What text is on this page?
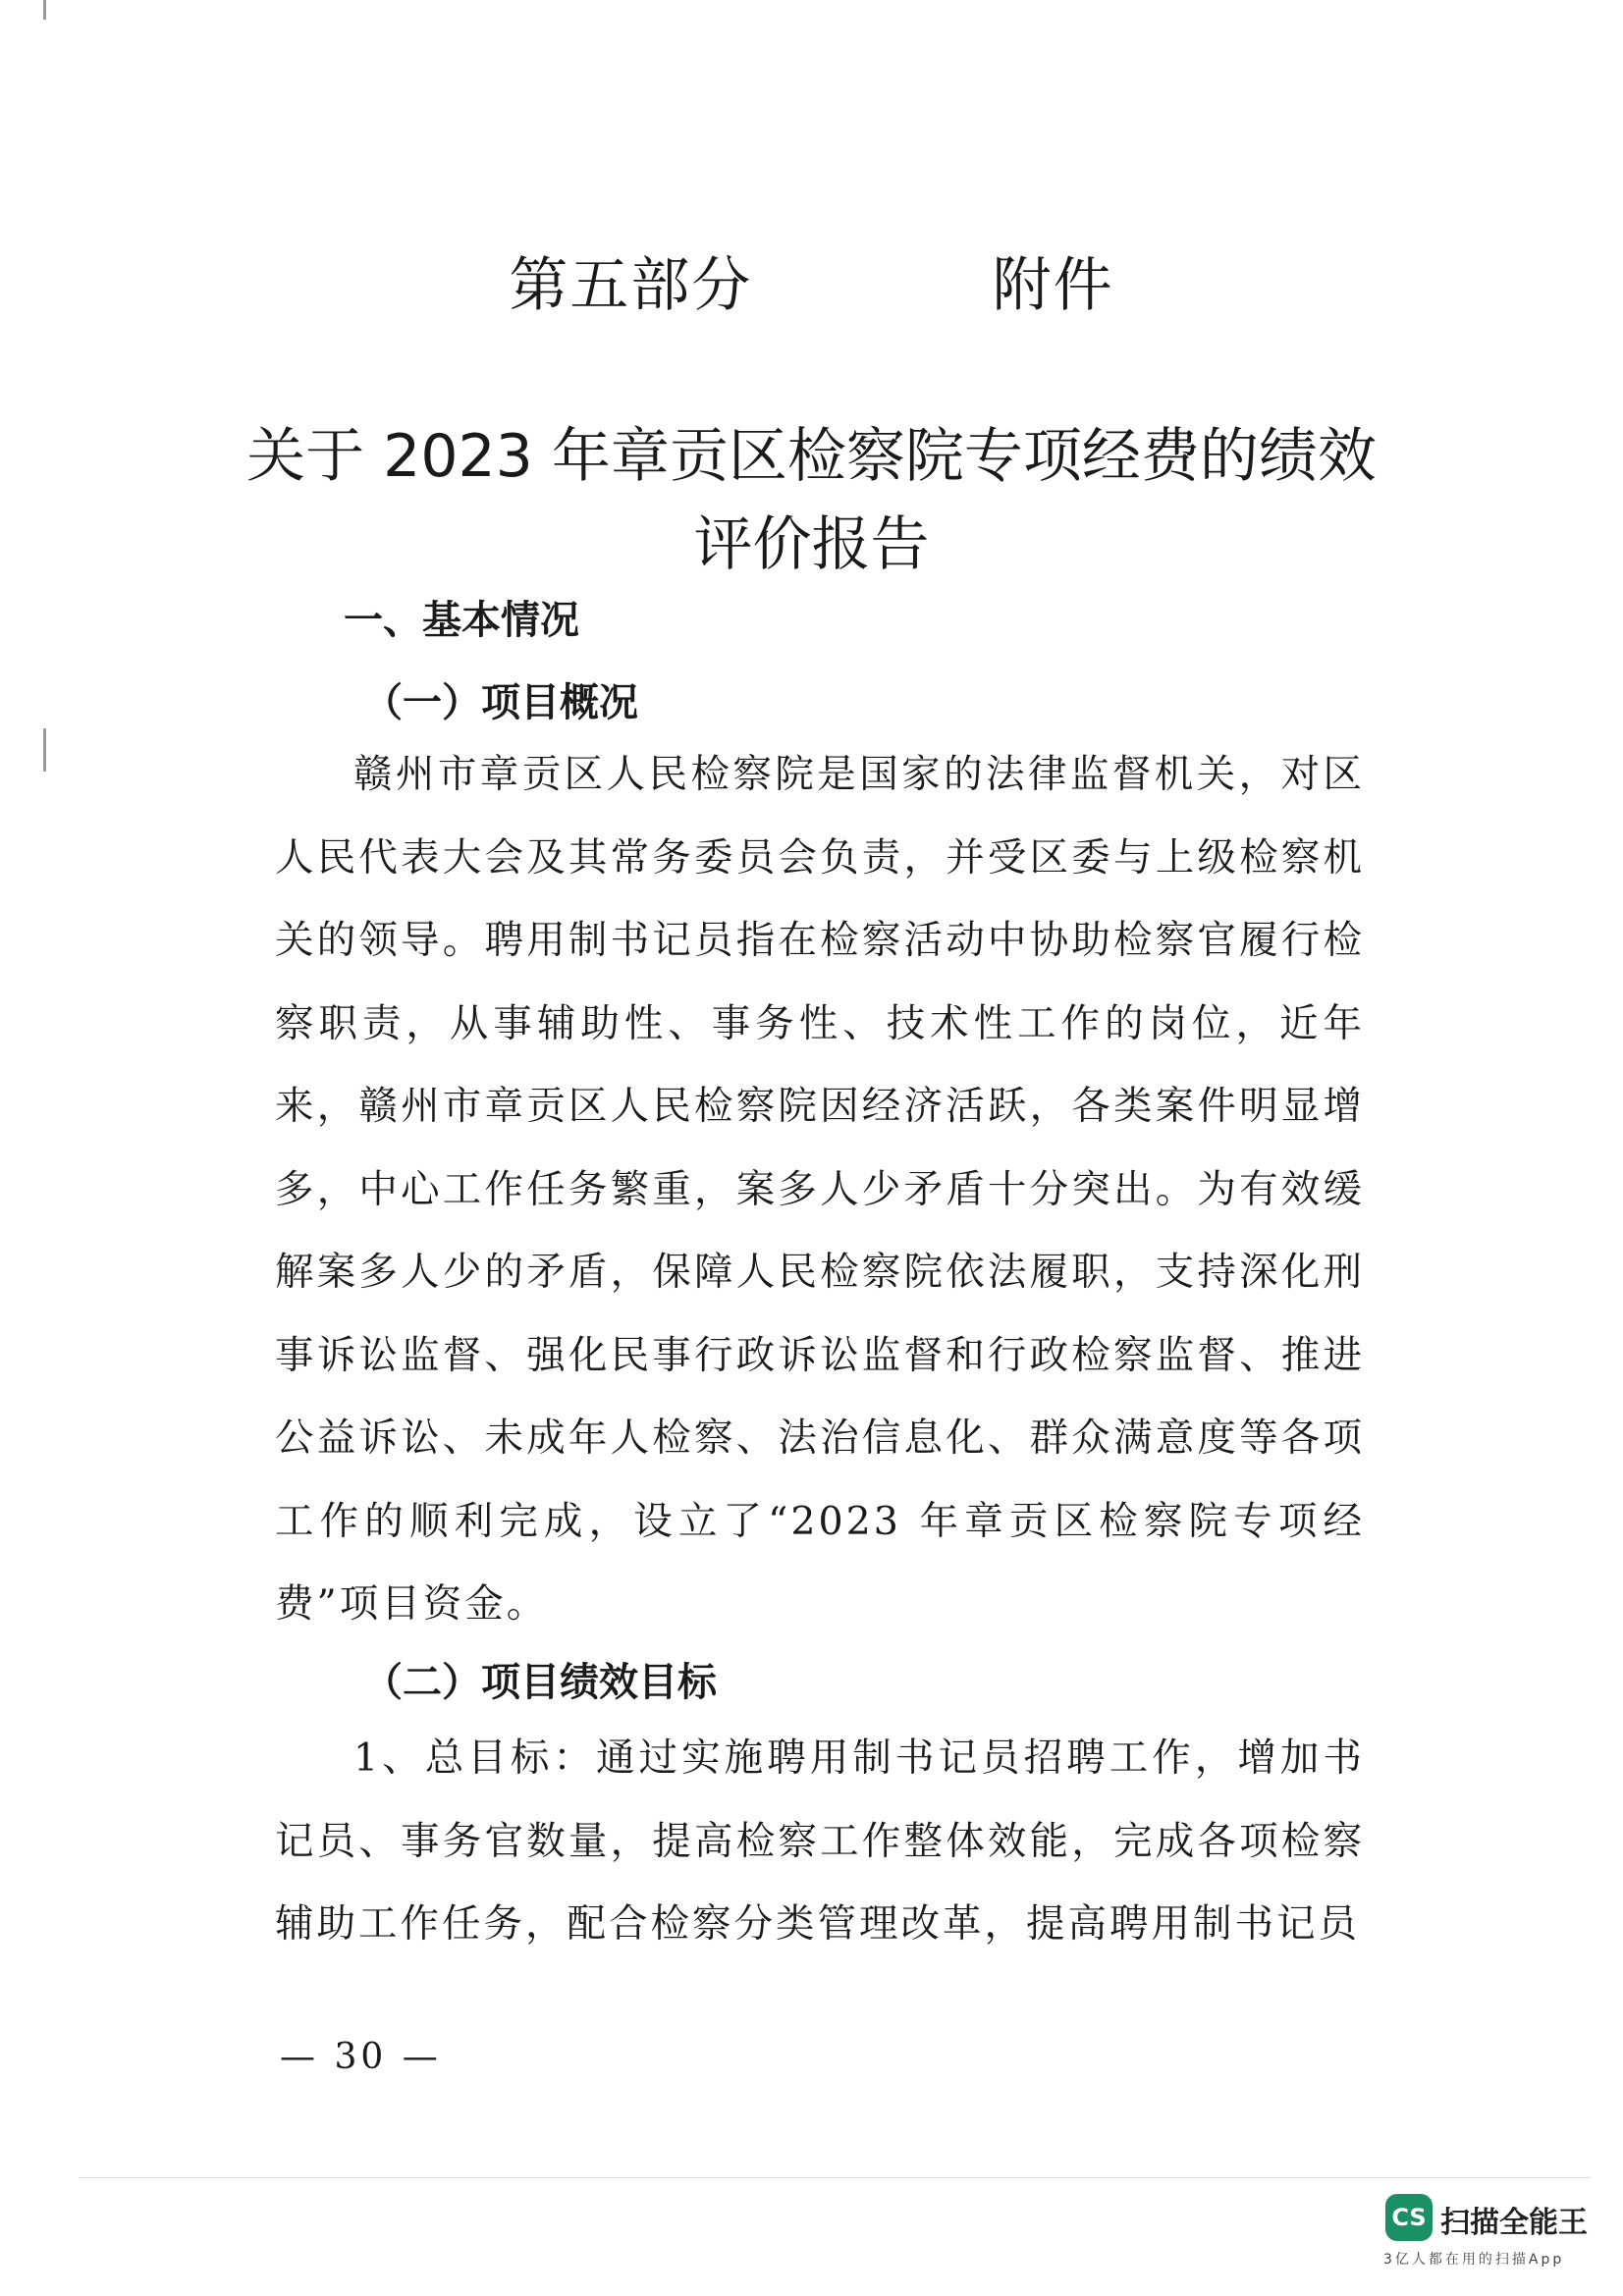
第五部分    附件
关于 2023 年章贡区检察院专项经费的绩效评价报告
一、基本情况
（一）项目概况
赣州市章贡区人民检察院是国家的法律监督机关，对区人民代表大会及其常务委员会负责，并受区委与上级检察机关的领导。聘用制书记员指在检察活动中协助检察官履行检察职责，从事辅助性、事务性、技术性工作的岗位，近年来，赣州市章贡区人民检察院因经济活跃，各类案件明显增多，中心工作任务繁重，案多人少矛盾十分突出。为有效缓解案多人少的矛盾，保障人民检察院依法履职，支持深化刑事诉讼监督、强化民事行政诉讼监督和行政检察监督、推进公益诉讼、未成年人检察、法治信息化、群众满意度等各项工作的顺利完成，设立了“2023 年章贡区检察院专项经费”项目资金。
（二）项目绩效目标
1、总目标：通过实施聘用制书记员招聘工作，增加书记员、事务官数量，提高检察工作整体效能，完成各项检察辅助工作任务，配合检察分类管理改革，提高聘用制书记员
— 30 —
CS 扫描全能王
3亿人都在用的扫描App
